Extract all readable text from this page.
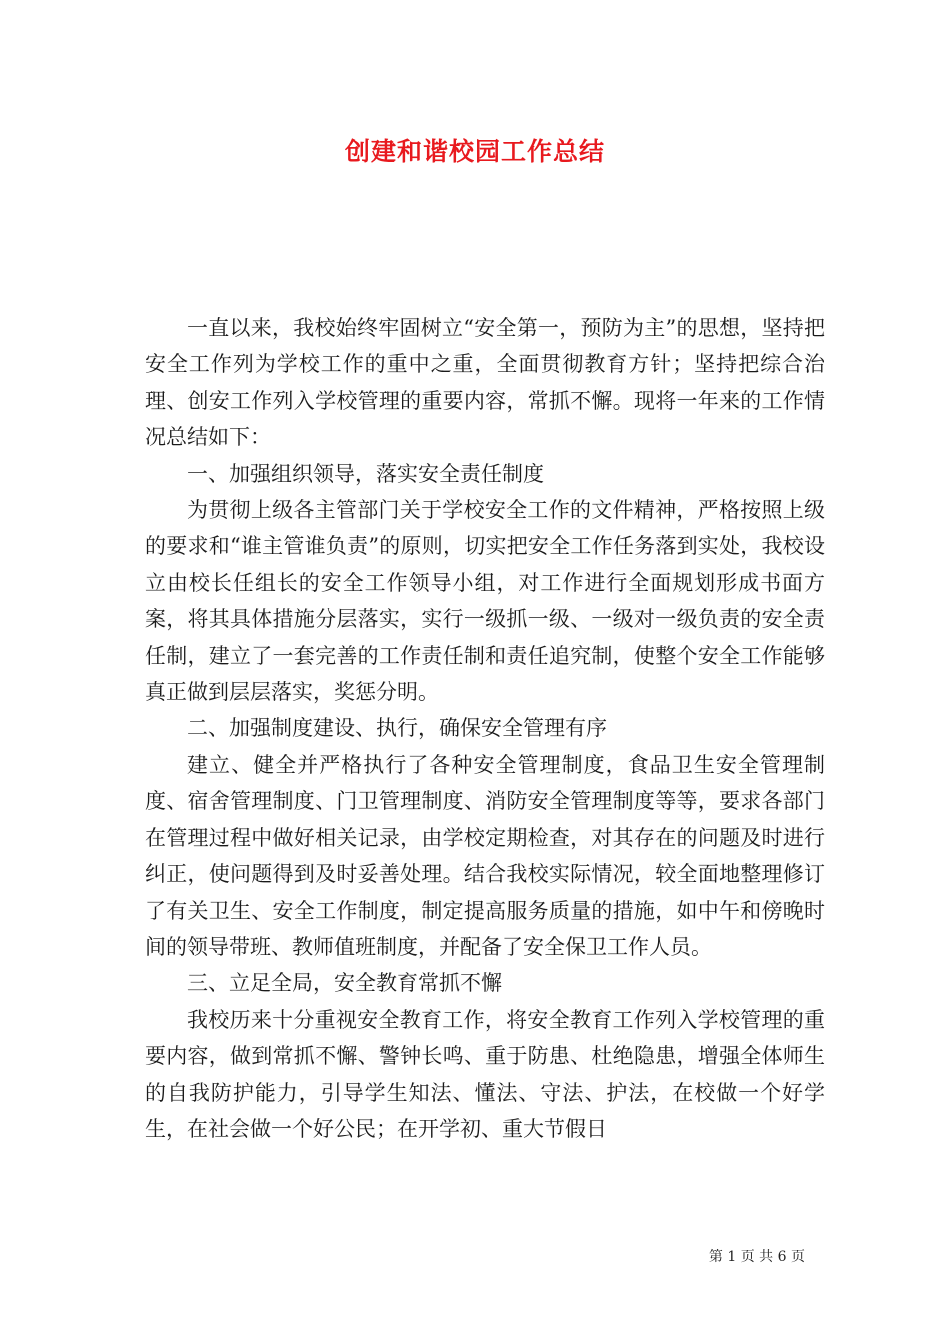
创建和谐校园工作总结

一直以来，我校始终牢固树立“安全第一，预防为主”的思想，坚持把安全工作列为学校工作的重中之重，全面贯彻教育方针；坚持把综合治理、创安工作列入学校管理的重要内容，常抓不懈。现将一年来的工作情况总结如下：

一、加强组织领导，落实安全责任制度

为贯彻上级各主管部门关于学校安全工作的文件精神，严格按照上级的要求和“谁主管谁负责”的原则，切实把安全工作任务落到实处，我校设立由校长任组长的安全工作领导小组，对工作进行全面规划形成书面方案，将其具体措施分层落实，实行一级抓一级、一级对一级负责的安全责任制，建立了一套完善的工作责任制和责任追究制，使整个安全工作能够真正做到层层落实，奖惩分明。

二、加强制度建设、执行，确保安全管理有序

建立、健全并严格执行了各种安全管理制度，食品卫生安全管理制度、宿舍管理制度、门卫管理制度、消防安全管理制度等等，要求各部门在管理过程中做好相关记录，由学校定期检查，对其存在的问题及时进行纠正，使问题得到及时妥善处理。结合我校实际情况，较全面地整理修订了有关卫生、安全工作制度，制定提高服务质量的措施，如中午和傍晚时间的领导带班、教师值班制度，并配备了安全保卫工作人员。

三、立足全局，安全教育常抓不懈

我校历来十分重视安全教育工作，将安全教育工作列入学校管理的重要内容，做到常抓不懈、警钟长鸣、重于防患、杜绝隐患，增强全体师生的自我防护能力，引导学生知法、懂法、守法、护法，在校做一个好学生，在社会做一个好公民；在开学初、重大节假日

第 1 页 共 6 页
